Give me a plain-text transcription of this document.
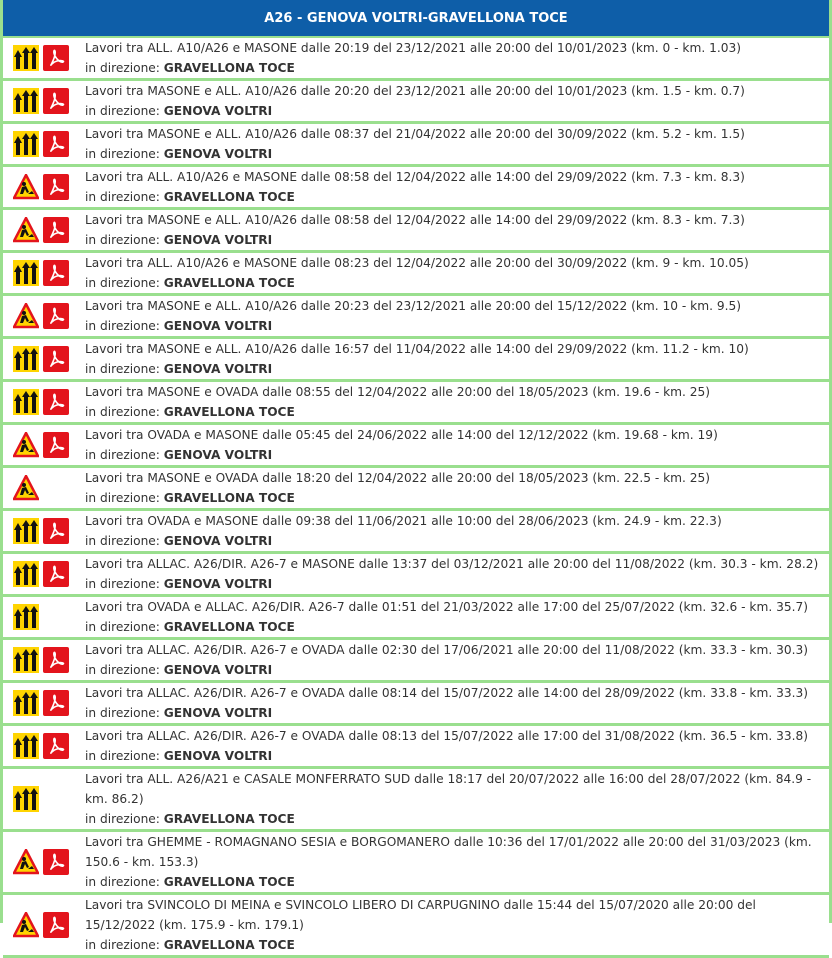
A26 - GENOVA VOLTRI-GRAVELLONA TOCE
Lavori tra ALL. A10/A26 e MASONE dalle 20:19 del 23/12/2021 alle 20:00 del 10/01/2023 (km. 0 - km. 1.03)
in direzione: GRAVELLONA TOCE
Lavori tra MASONE e ALL. A10/A26 dalle 20:20 del 23/12/2021 alle 20:00 del 10/01/2023 (km. 1.5 - km. 0.7)
in direzione: GENOVA VOLTRI
Lavori tra MASONE e ALL. A10/A26 dalle 08:37 del 21/04/2022 alle 20:00 del 30/09/2022 (km. 5.2 - km. 1.5)
in direzione: GENOVA VOLTRI
Lavori tra ALL. A10/A26 e MASONE dalle 08:58 del 12/04/2022 alle 14:00 del 29/09/2022 (km. 7.3 - km. 8.3)
in direzione: GRAVELLONA TOCE
Lavori tra MASONE e ALL. A10/A26 dalle 08:58 del 12/04/2022 alle 14:00 del 29/09/2022 (km. 8.3 - km. 7.3)
in direzione: GENOVA VOLTRI
Lavori tra ALL. A10/A26 e MASONE dalle 08:23 del 12/04/2022 alle 20:00 del 30/09/2022 (km. 9 - km. 10.05)
in direzione: GRAVELLONA TOCE
Lavori tra MASONE e ALL. A10/A26 dalle 20:23 del 23/12/2021 alle 20:00 del 15/12/2022 (km. 10 - km. 9.5)
in direzione: GENOVA VOLTRI
Lavori tra MASONE e ALL. A10/A26 dalle 16:57 del 11/04/2022 alle 14:00 del 29/09/2022 (km. 11.2 - km. 10)
in direzione: GENOVA VOLTRI
Lavori tra MASONE e OVADA dalle 08:55 del 12/04/2022 alle 20:00 del 18/05/2023 (km. 19.6 - km. 25)
in direzione: GRAVELLONA TOCE
Lavori tra OVADA e MASONE dalle 05:45 del 24/06/2022 alle 14:00 del 12/12/2022 (km. 19.68 - km. 19)
in direzione: GENOVA VOLTRI
Lavori tra MASONE e OVADA dalle 18:20 del 12/04/2022 alle 20:00 del 18/05/2023 (km. 22.5 - km. 25)
in direzione: GRAVELLONA TOCE
Lavori tra OVADA e MASONE dalle 09:38 del 11/06/2021 alle 10:00 del 28/06/2023 (km. 24.9 - km. 22.3)
in direzione: GENOVA VOLTRI
Lavori tra ALLAC. A26/DIR. A26-7 e MASONE dalle 13:37 del 03/12/2021 alle 20:00 del 11/08/2022 (km. 30.3 - km. 28.2)
in direzione: GENOVA VOLTRI
Lavori tra OVADA e ALLAC. A26/DIR. A26-7 dalle 01:51 del 21/03/2022 alle 17:00 del 25/07/2022 (km. 32.6 - km. 35.7)
in direzione: GRAVELLONA TOCE
Lavori tra ALLAC. A26/DIR. A26-7 e OVADA dalle 02:30 del 17/06/2021 alle 20:00 del 11/08/2022 (km. 33.3 - km. 30.3)
in direzione: GENOVA VOLTRI
Lavori tra ALLAC. A26/DIR. A26-7 e OVADA dalle 08:14 del 15/07/2022 alle 14:00 del 28/09/2022 (km. 33.8 - km. 33.3)
in direzione: GENOVA VOLTRI
Lavori tra ALLAC. A26/DIR. A26-7 e OVADA dalle 08:13 del 15/07/2022 alle 17:00 del 31/08/2022 (km. 36.5 - km. 33.8)
in direzione: GENOVA VOLTRI
Lavori tra ALL. A26/A21 e CASALE MONFERRATO SUD dalle 18:17 del 20/07/2022 alle 16:00 del 28/07/2022 (km. 84.9 - km. 86.2)
in direzione: GRAVELLONA TOCE
Lavori tra GHEMME - ROMAGNANO SESIA e BORGOMANERO dalle 10:36 del 17/01/2022 alle 20:00 del 31/03/2023 (km. 150.6 - km. 153.3)
in direzione: GRAVELLONA TOCE
Lavori tra SVINCOLO DI MEINA e SVINCOLO LIBERO DI CARPUGNINO dalle 15:44 del 15/07/2020 alle 20:00 del 15/12/2022 (km. 175.9 - km. 179.1)
in direzione: GRAVELLONA TOCE
